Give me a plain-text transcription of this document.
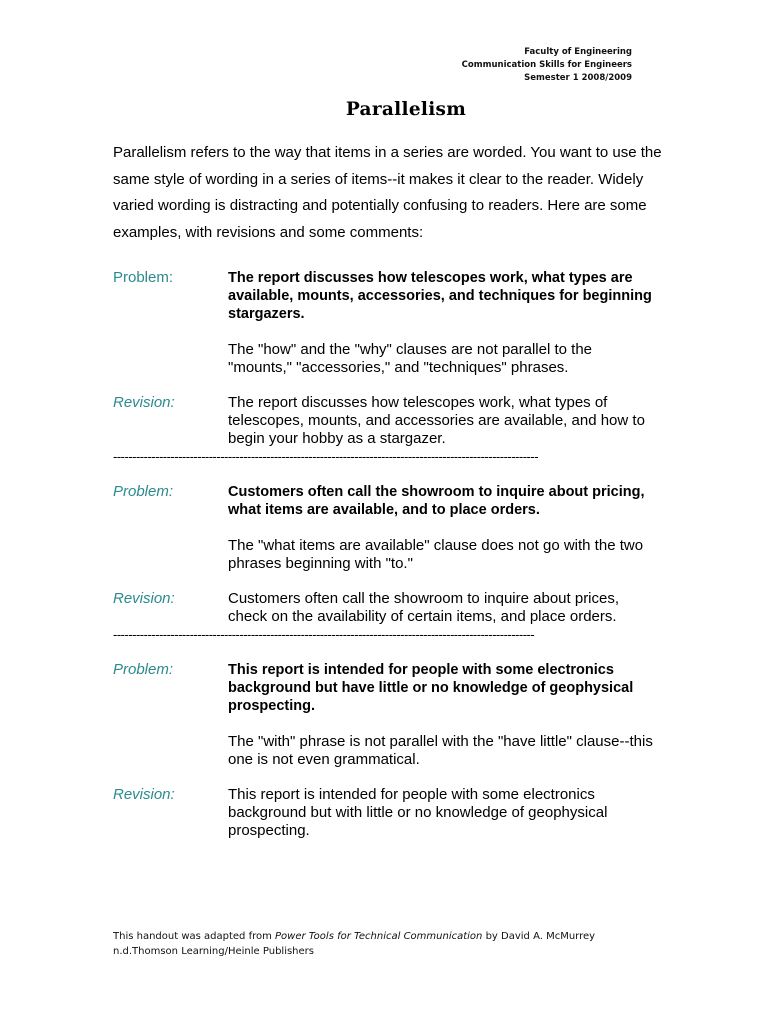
Faculty of Engineering
Communication Skills for Engineers
Semester 1 2008/2009
Parallelism
Parallelism refers to the way that items in a series are worded. You want to use the same style of wording in a series of items--it makes it clear to the reader. Widely varied wording is distracting and potentially confusing to readers. Here are some examples, with revisions and some comments:
Problem:	The report discusses how telescopes work, what types are available, mounts, accessories, and techniques for beginning stargazers.
The "how" and the "why" clauses are not parallel to the "mounts," "accessories," and "techniques" phrases.
Revision:	The report discusses how telescopes work, what types of telescopes, mounts, and accessories are available, and how to begin your hobby as a stargazer.
---------------------------------------------------------------------------------------------------------------
Problem:	Customers often call the showroom to inquire about pricing, what items are available, and to place orders.
The "what items are available" clause does not go with the two phrases beginning with "to."
Revision:	Customers often call the showroom to inquire about prices, check on the availability of certain items, and place orders.
--------------------------------------------------------------------------------------------------------------
Problem:	This report is intended for people with some electronics background but have little or no knowledge of geophysical  prospecting.
The "with" phrase is not parallel with the "have little" clause--this one is not even grammatical.
Revision:	This report is intended for people with some electronics background but with little or no knowledge of geophysical prospecting.
This handout was adapted from Power Tools for Technical Communication by David A. McMurrey
n.d.Thomson Learning/Heinle Publishers
